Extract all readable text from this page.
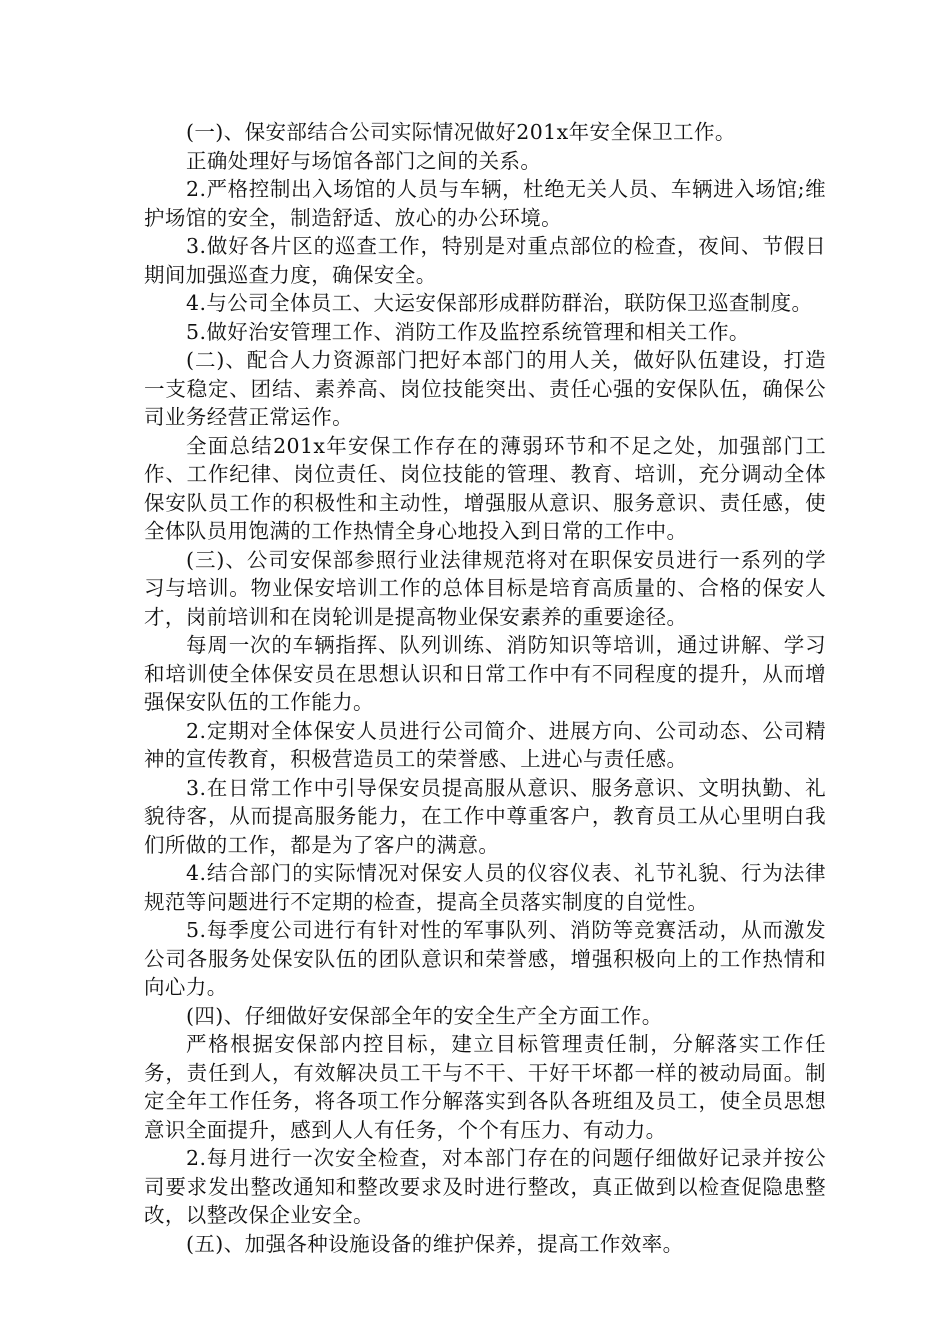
(一)、保安部结合公司实际情况做好201x年安全保卫工作。

正确处理好与场馆各部门之间的关系。

2.严格控制出入场馆的人员与车辆，杜绝无关人员、车辆进入场馆;维护场馆的安全，制造舒适、放心的办公环境。

3.做好各片区的巡查工作，特别是对重点部位的检查，夜间、节假日期间加强巡查力度，确保安全。

4.与公司全体员工、大运安保部形成群防群治，联防保卫巡查制度。

5.做好治安管理工作、消防工作及监控系统管理和相关工作。

(二)、配合人力资源部门把好本部门的用人关，做好队伍建设，打造一支稳定、团结、素养高、岗位技能突出、责任心强的安保队伍，确保公司业务经营正常运作。

全面总结201x年安保工作存在的薄弱环节和不足之处，加强部门工作、工作纪律、岗位责任、岗位技能的管理、教育、培训，充分调动全体保安队员工作的积极性和主动性，增强服从意识、服务意识、责任感，使全体队员用饱满的工作热情全身心地投入到日常的工作中。

(三)、公司安保部参照行业法律规范将对在职保安员进行一系列的学习与培训。物业保安培训工作的总体目标是培育高质量的、合格的保安人才，岗前培训和在岗轮训是提高物业保安素养的重要途径。

每周一次的车辆指挥、队列训练、消防知识等培训，通过讲解、学习和培训使全体保安员在思想认识和日常工作中有不同程度的提升，从而增强保安队伍的工作能力。

2.定期对全体保安人员进行公司简介、进展方向、公司动态、公司精神的宣传教育，积极营造员工的荣誉感、上进心与责任感。

3.在日常工作中引导保安员提高服从意识、服务意识、文明执勤、礼貌待客，从而提高服务能力，在工作中尊重客户，教育员工从心里明白我们所做的工作，都是为了客户的满意。

4.结合部门的实际情况对保安人员的仪容仪表、礼节礼貌、行为法律规范等问题进行不定期的检查，提高全员落实制度的自觉性。

5.每季度公司进行有针对性的军事队列、消防等竞赛活动，从而激发公司各服务处保安队伍的团队意识和荣誉感，增强积极向上的工作热情和向心力。

(四)、仔细做好安保部全年的安全生产全方面工作。

严格根据安保部内控目标，建立目标管理责任制，分解落实工作任务，责任到人，有效解决员工干与不干、干好干坏都一样的被动局面。制定全年工作任务，将各项工作分解落实到各队各班组及员工，使全员思想意识全面提升，感到人人有任务，个个有压力、有动力。

2.每月进行一次安全检查，对本部门存在的问题仔细做好记录并按公司要求发出整改通知和整改要求及时进行整改，真正做到以检查促隐患整改，以整改保企业安全。

(五)、加强各种设施设备的维护保养，提高工作效率。
